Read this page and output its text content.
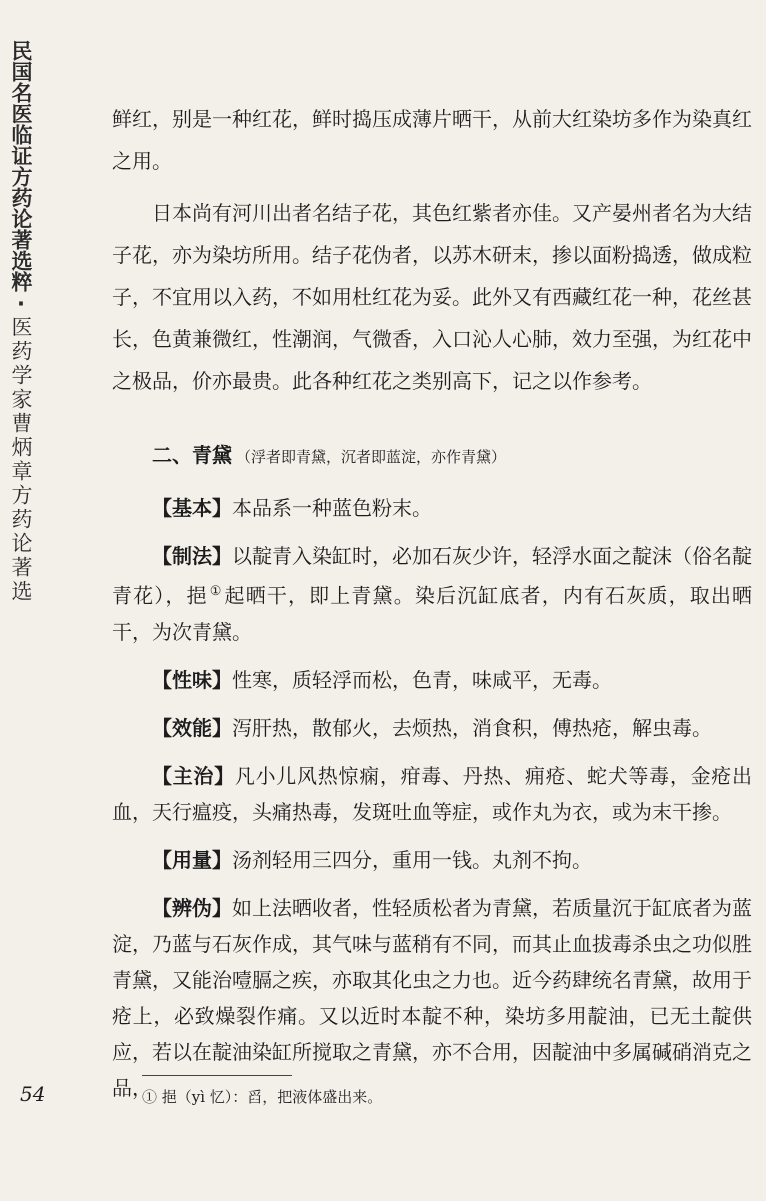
民国名医临证方药论著选粹·医药学家曹炳章方药论著选

鲜红，别是一种红花，鲜时捣压成薄片晒干，从前大红染坊多作为染真红之用。

日本尚有河川出者名结子花，其色红紫者亦佳。又产晏州者名为大结子花，亦为染坊所用。结子花伪者，以苏木研末，掺以面粉捣透，做成粒子，不宜用以入药，不如用杜红花为妥。此外又有西藏红花一种，花丝甚长，色黄兼微红，性潮润，气微香，入口沁人心肺，效力至强，为红花中之极品，价亦最贵。此各种红花之类别高下，记之以作参考。

二、青黛 （浮者即青黛，沉者即蓝淀，亦作青黛）

【基本】本品系一种蓝色粉末。

【制法】以靛青入染缸时，必加石灰少许，轻浮水面之靛沫（俗名靛青花），挹 ① 起晒干，即上青黛。染后沉缸底者，内有石灰质，取出晒干，为次青黛。

【性味】性寒，质轻浮而松，色青，味咸平，无毒。

【效能】泻肝热，散郁火，去烦热，消食积，傅热疮，解虫毒。

【主治】凡小儿风热惊痫，疳毒、丹热、痈疮、蛇犬等毒，金疮出血，天行瘟疫，头痛热毒，发斑吐血等症，或作丸为衣，或为末干掺。

【用量】汤剂轻用三四分，重用一钱。丸剂不拘。

【辨伪】如上法晒收者，性轻质松者为青黛，若质量沉于缸底者为蓝淀，乃蓝与石灰作成，其气味与蓝稍有不同，而其止血拔毒杀虫之功似胜青黛，又能治噎膈之疾，亦取其化虫之力也。近今药肆统名青黛，故用于疮上，必致燥裂作痛。又以近时本靛不种，染坊多用靛油，已无土靛供应，若以在靛油染缸所搅取之青黛，亦不合用，因靛油中多属碱硝消克之品，

54	① 挹（yì 忆）：舀，把液体盛出来。
